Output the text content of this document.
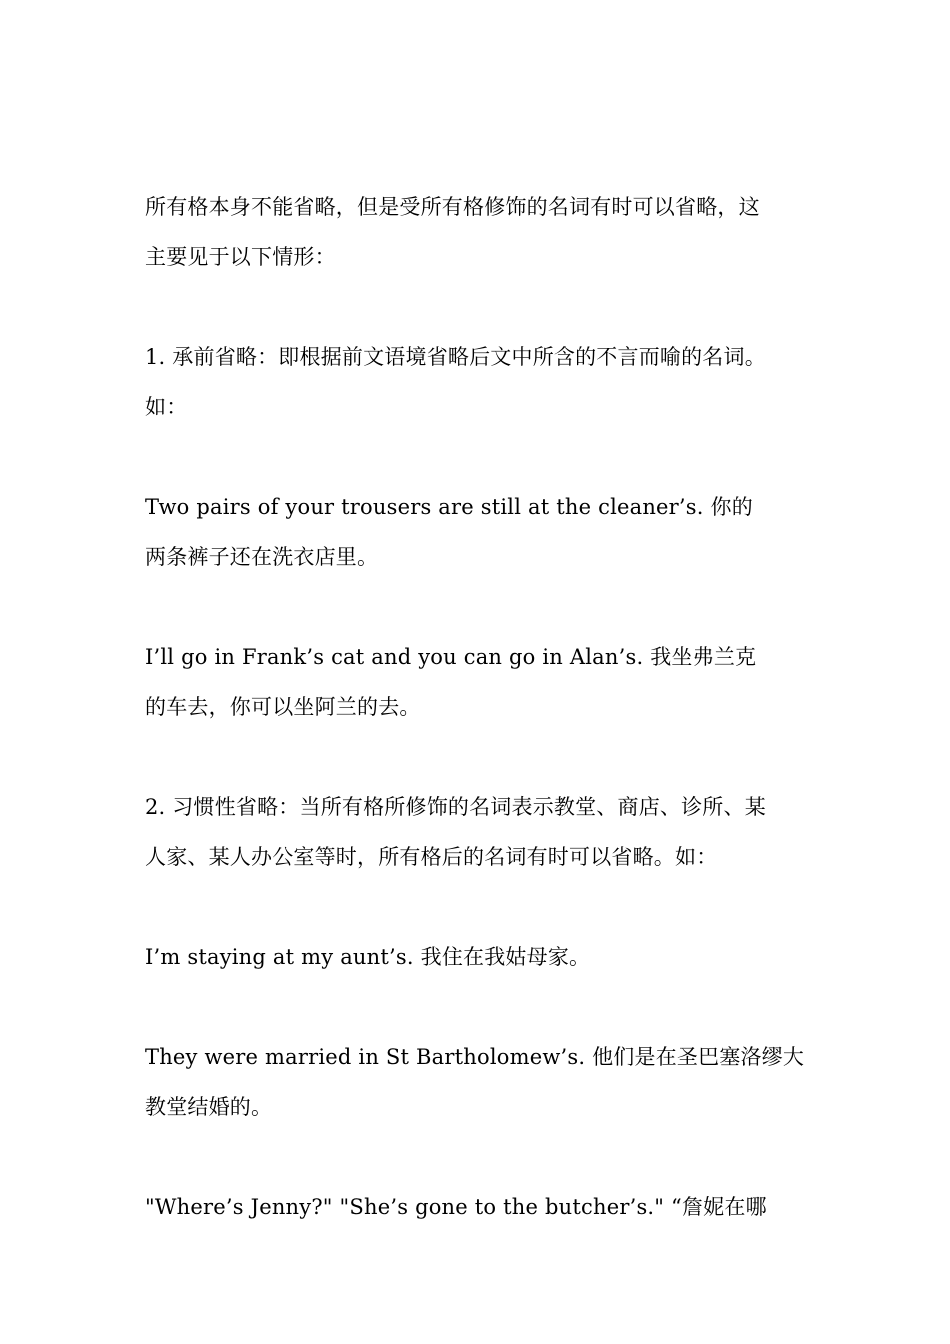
所有格本身不能省略，但是受所有格修饰的名词有时可以省略，这
主要见于以下情形：

1. 承前省略：即根据前文语境省略后文中所含的不言而喻的名词。
如：

Two pairs of your trousers are still at the cleaner’s. 你的
两条裤子还在洗衣店里。

I’ll go in Frank’s cat and you can go in Alan’s. 我坐弗兰克
的车去，你可以坐阿兰的去。

2. 习惯性省略：当所有格所修饰的名词表示教堂、商店、诊所、某
人家、某人办公室等时，所有格后的名词有时可以省略。如：

I’m staying at my aunt’s. 我住在我姑母家。

They were married in St Bartholomew’s. 他们是在圣巴塞洛缪大
教堂结婚的。

"Where’s Jenny?" "She’s gone to the butcher’s." “詹妮在哪
